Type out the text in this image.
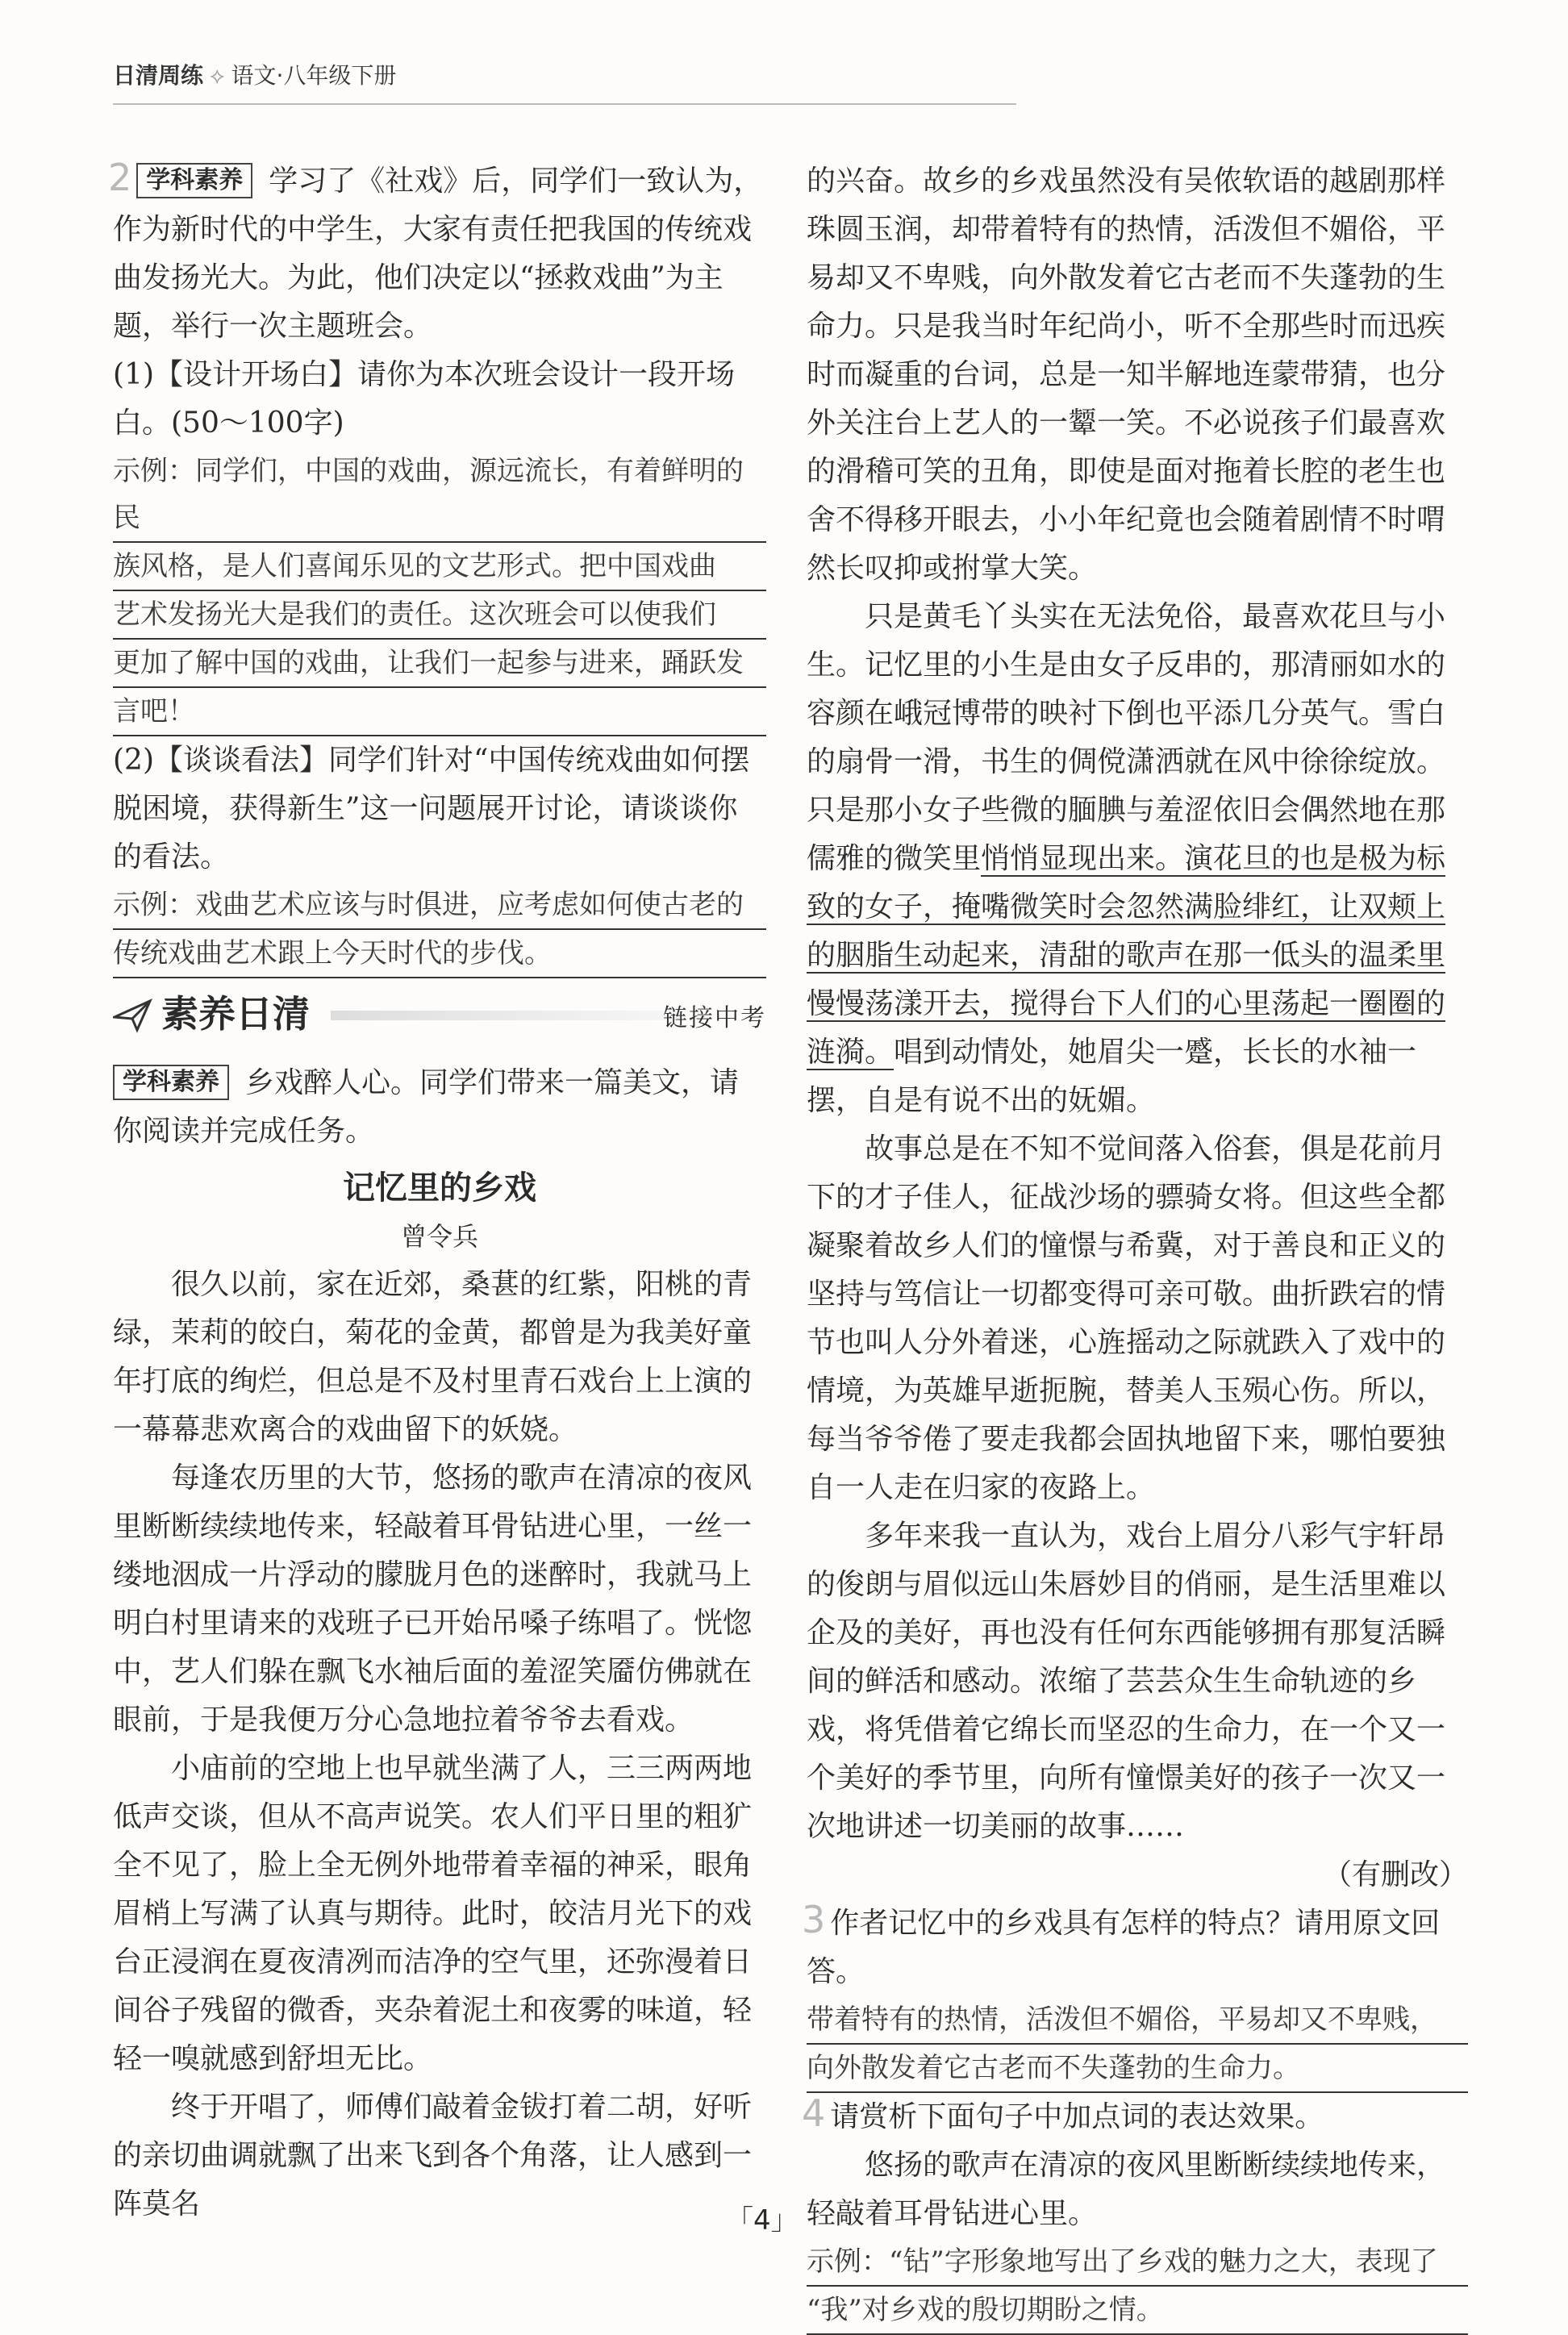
日清周练 ⟡ 语文·八年级下册

2 学科素养 学习了《社戏》后，同学们一致认为，作为新时代的中学生，大家有责任把我国的传统戏曲发扬光大。为此，他们决定以“拯救戏曲”为主题，举行一次主题班会。

(1)【设计开场白】请你为本次班会设计一段开场白。(50～100字)

示例：同学们，中国的戏曲，源远流长，有着鲜明的民
族风格，是人们喜闻乐见的文艺形式。把中国戏曲
艺术发扬光大是我们的责任。这次班会可以使我们
更加了解中国的戏曲，让我们一起参与进来，踊跃发
言吧！

(2)【谈谈看法】同学们针对“中国传统戏曲如何摆脱困境，获得新生”这一问题展开讨论，请谈谈你的看法。

示例：戏曲艺术应该与时俱进，应考虑如何使古老的
传统戏曲艺术跟上今天时代的步伐。
素养日清	链接中考

学科素养 乡戏醉人心。同学们带来一篇美文，请你阅读并完成任务。

记忆里的乡戏
曾令兵

很久以前，家在近郊，桑葚的红紫，阳桃的青绿，茉莉的皎白，菊花的金黄，都曾是为我美好童年打底的绚烂，但总是不及村里青石戏台上上演的一幕幕悲欢离合的戏曲留下的妖娆。

每逢农历里的大节，悠扬的歌声在清凉的夜风里断断续续地传来，轻敲着耳骨钻进心里，一丝一缕地洇成一片浮动的朦胧月色的迷醉时，我就马上明白村里请来的戏班子已开始吊嗓子练唱了。恍惚中，艺人们躲在飘飞水袖后面的羞涩笑靥仿佛就在眼前，于是我便万分心急地拉着爷爷去看戏。

小庙前的空地上也早就坐满了人，三三两两地低声交谈，但从不高声说笑。农人们平日里的粗犷全不见了，脸上全无例外地带着幸福的神采，眼角眉梢上写满了认真与期待。此时，皎洁月光下的戏台正浸润在夏夜清冽而洁净的空气里，还弥漫着日间谷子残留的微香，夹杂着泥土和夜雾的味道，轻轻一嗅就感到舒坦无比。

终于开唱了，师傅们敲着金钹打着二胡，好听的亲切曲调就飘了出来飞到各个角落，让人感到一阵莫名

的兴奋。故乡的乡戏虽然没有吴侬软语的越剧那样珠圆玉润，却带着特有的热情，活泼但不媚俗，平易却又不卑贱，向外散发着它古老而不失蓬勃的生命力。只是我当时年纪尚小，听不全那些时而迅疾时而凝重的台词，总是一知半解地连蒙带猜，也分外关注台上艺人的一颦一笑。不必说孩子们最喜欢的滑稽可笑的丑角，即使是面对拖着长腔的老生也舍不得移开眼去，小小年纪竟也会随着剧情不时喟然长叹抑或拊掌大笑。

只是黄毛丫头实在无法免俗，最喜欢花旦与小生。记忆里的小生是由女子反串的，那清丽如水的容颜在峨冠博带的映衬下倒也平添几分英气。雪白的扇骨一滑，书生的倜傥潇洒就在风中徐徐绽放。只是那小女子些微的腼腆与羞涩依旧会偶然地在那儒雅的微笑里悄悄显现出来。演花旦的也是极为标致的女子，掩嘴微笑时会忽然满脸绯红，让双颊上的胭脂生动起来，清甜的歌声在那一低头的温柔里慢慢荡漾开去，搅得台下人们的心里荡起一圈圈的涟漪。唱到动情处，她眉尖一蹙，长长的水袖一摆，自是有说不出的妩媚。

故事总是在不知不觉间落入俗套，俱是花前月下的才子佳人，征战沙场的骠骑女将。但这些全都凝聚着故乡人们的憧憬与希冀，对于善良和正义的坚持与笃信让一切都变得可亲可敬。曲折跌宕的情节也叫人分外着迷，心旌摇动之际就跌入了戏中的情境，为英雄早逝扼腕，替美人玉殒心伤。所以，每当爷爷倦了要走我都会固执地留下来，哪怕要独自一人走在归家的夜路上。

多年来我一直认为，戏台上眉分八彩气宇轩昂的俊朗与眉似远山朱唇妙目的俏丽，是生活里难以企及的美好，再也没有任何东西能够拥有那复活瞬间的鲜活和感动。浓缩了芸芸众生生命轨迹的乡戏，将凭借着它绵长而坚忍的生命力，在一个又一个美好的季节里，向所有憧憬美好的孩子一次又一次地讲述一切美丽的故事……

（有删改）

3 作者记忆中的乡戏具有怎样的特点？请用原文回答。

带着特有的热情，活泼但不媚俗，平易却又不卑贱，
向外散发着它古老而不失蓬勃的生命力。

4 请赏析下面句子中加点词的表达效果。

悠扬的歌声在清凉的夜风里断断续续地传来，轻敲着耳骨钻进心里。

示例：“钻”字形象地写出了乡戏的魅力之大，表现了
“我”对乡戏的殷切期盼之情。
「4」
